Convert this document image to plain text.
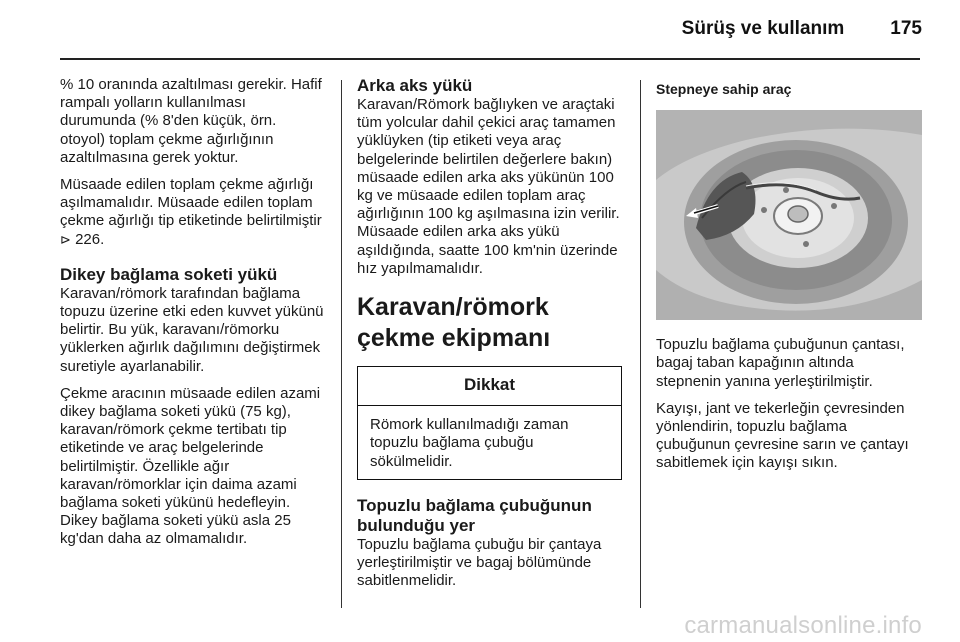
Sürüş ve kullanım 175

% 10 oranında azaltılması gerekir. Hafif rampalı yolların kullanılması durumunda (% 8'den küçük, örn. otoyol) toplam çekme ağırlığının azaltılmasına gerek yoktur.

Müsaade edilen toplam çekme ağırlığı aşılmamalıdır. Müsaade edilen toplam çekme ağırlığı tip etiketinde belirtilmiştir ⊳ 226.

Dikey bağlama soketi yükü

Karavan/römork tarafından bağlama topuzu üzerine etki eden kuvvet yükünü belirtir. Bu yük, karavanı/römorku yüklerken ağırlık dağılımını değiştirmek suretiyle ayarlanabilir.

Çekme aracının müsaade edilen azami dikey bağlama soketi yükü (75 kg), karavan/römork çekme tertibatı tip etiketinde ve araç belgelerinde belirtilmiştir. Özellikle ağır karavan/römorklar için daima azami bağlama soketi yükünü hedefleyin. Dikey bağlama soketi yükü asla 25 kg'dan daha az olmamalıdır.

Arka aks yükü

Karavan/Römork bağlıyken ve araçtaki tüm yolcular dahil çekici araç tamamen yüklüyken (tip etiketi veya araç belgelerinde belirtilen değerlere bakın) müsaade edilen arka aks yükünün 100 kg ve müsaade edilen toplam araç ağırlığının 100 kg aşılmasına izin verilir. Müsaade edilen arka aks yükü aşıldığında, saatte 100 km'nin üzerinde hız yapılmamalıdır.

Karavan/römork çekme ekipmanı
Dikkat
Römork kullanılmadığı zaman topuzlu bağlama çubuğu sökülmelidir.
Topuzlu bağlama çubuğunun bulunduğu yer

Topuzlu bağlama çubuğu bir çantaya yerleştirilmiştir ve bagaj bölümünde sabitlenmelidir.

Stepneye sahip araç

Topuzlu bağlama çubuğunun çantası, bagaj taban kapağının altında stepnenin yanına yerleştirilmiştir.

Kayışı, jant ve tekerleğin çevresinden yönlendirin, topuzlu bağlama çubuğunun çevresine sarın ve çantayı sabitlemek için kayışı sıkın.

carmanualsonline.info
